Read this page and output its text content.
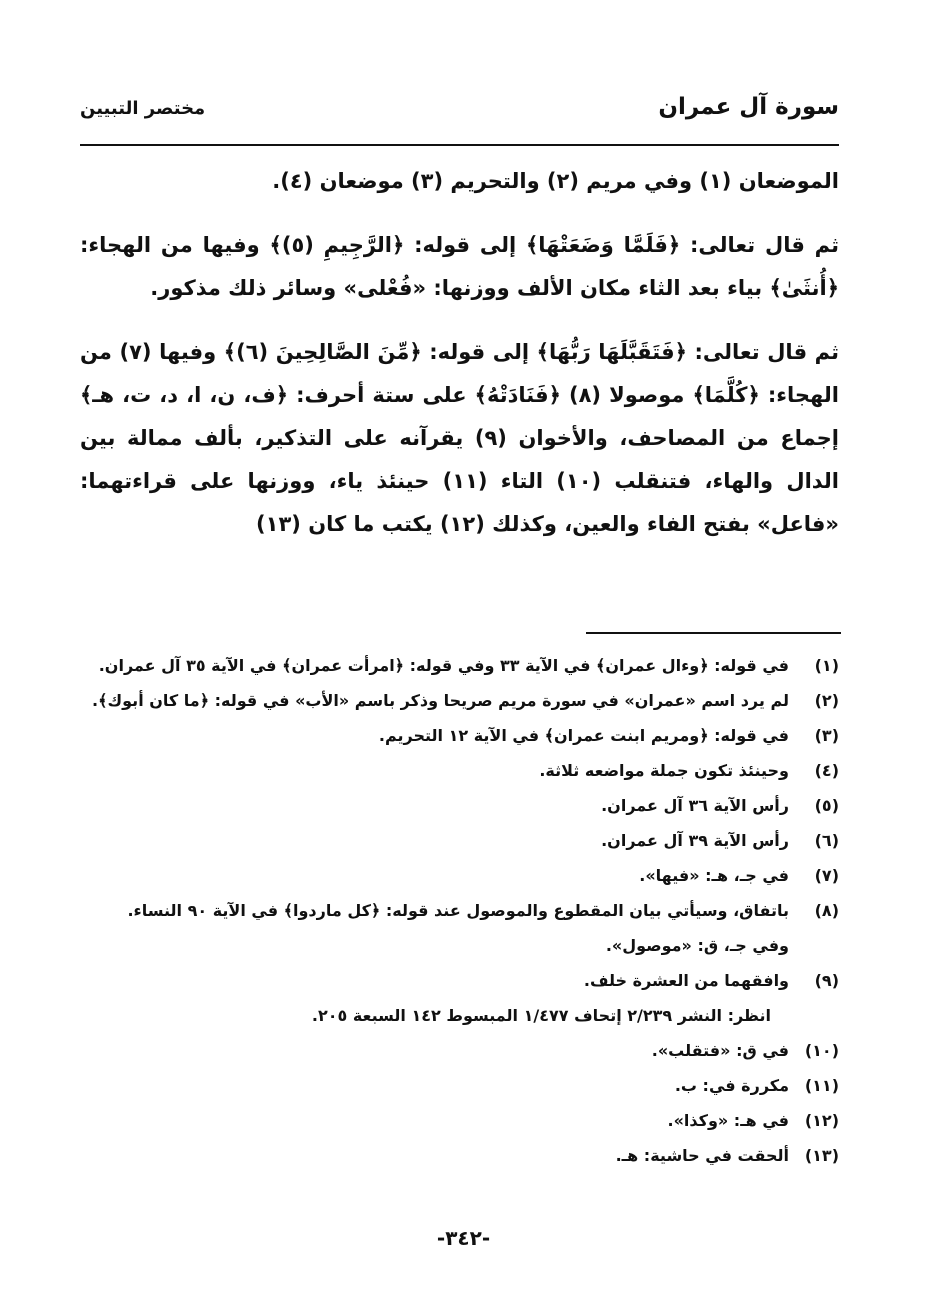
سورة آل عمران
مختصر التبيين

الموضعان (١) وفي مريم (٢) والتحريم (٣) موضعان (٤).

ثم قال تعالى: ﴿فَلَمَّا وَضَعَتْهَا﴾ إلى قوله: ﴿الرَّجِيمِ (٥)﴾ وفيها من الهجاء: ﴿أُنثَىٰ﴾ بياء بعد الثاء مكان الألف ووزنها: «فُعْلى» وسائر ذلك مذكور.

ثم قال تعالى: ﴿فَتَقَبَّلَهَا رَبُّهَا﴾ إلى قوله: ﴿مِّنَ الصَّالِحِينَ (٦)﴾ وفيها (٧) من الهجاء: ﴿كُلَّمَا﴾ موصولا (٨) ﴿فَنَادَتْهُ﴾ على ستة أحرف: ﴿ف، ن، ا، د، ت، هـ﴾ إجماع من المصاحف، والأخوان (٩) يقرآنه على التذكير، بألف ممالة بين الدال والهاء، فتنقلب (١٠) التاء (١١) حينئذ ياء، ووزنها على قراءتهما: «فاعل» بفتح الفاء والعين، وكذلك (١٢) يكتب ما كان (١٣)

(١)
في قوله: ﴿وءال عمران﴾ في الآية ٣٣ وفي قوله: ﴿امرأت عمران﴾ في الآية ٣٥ آل عمران.
(٢)
لم يرد اسم «عمران» في سورة مريم صريحا وذكر باسم «الأب» في قوله: ﴿ما كان أبوك﴾.
(٣)
في قوله: ﴿ومريم ابنت عمران﴾ في الآية ١٢ التحريم.
(٤)
وحينئذ تكون جملة مواضعه ثلاثة.
(٥)
رأس الآية ٣٦ آل عمران.
(٦)
رأس الآية ٣٩ آل عمران.
(٧)
في جـ، هـ: «فيها».
(٨)
باتفاق، وسيأتي بيان المقطوع والموصول عند قوله: ﴿كل ماردوا﴾ في الآية ٩٠ النساء.
وفي جـ، ق: «موصول».
(٩)
وافقهما من العشرة خلف.
انظر: النشر ٢/٢٣٩ إتحاف ١/٤٧٧ المبسوط ١٤٢ السبعة ٢٠٥.
(١٠)
في ق: «فتقلب».
(١١)
مكررة في: ب.
(١٢)
في هـ: «وكذا».
(١٣)
ألحقت في حاشية: هـ.
-٣٤٢-
